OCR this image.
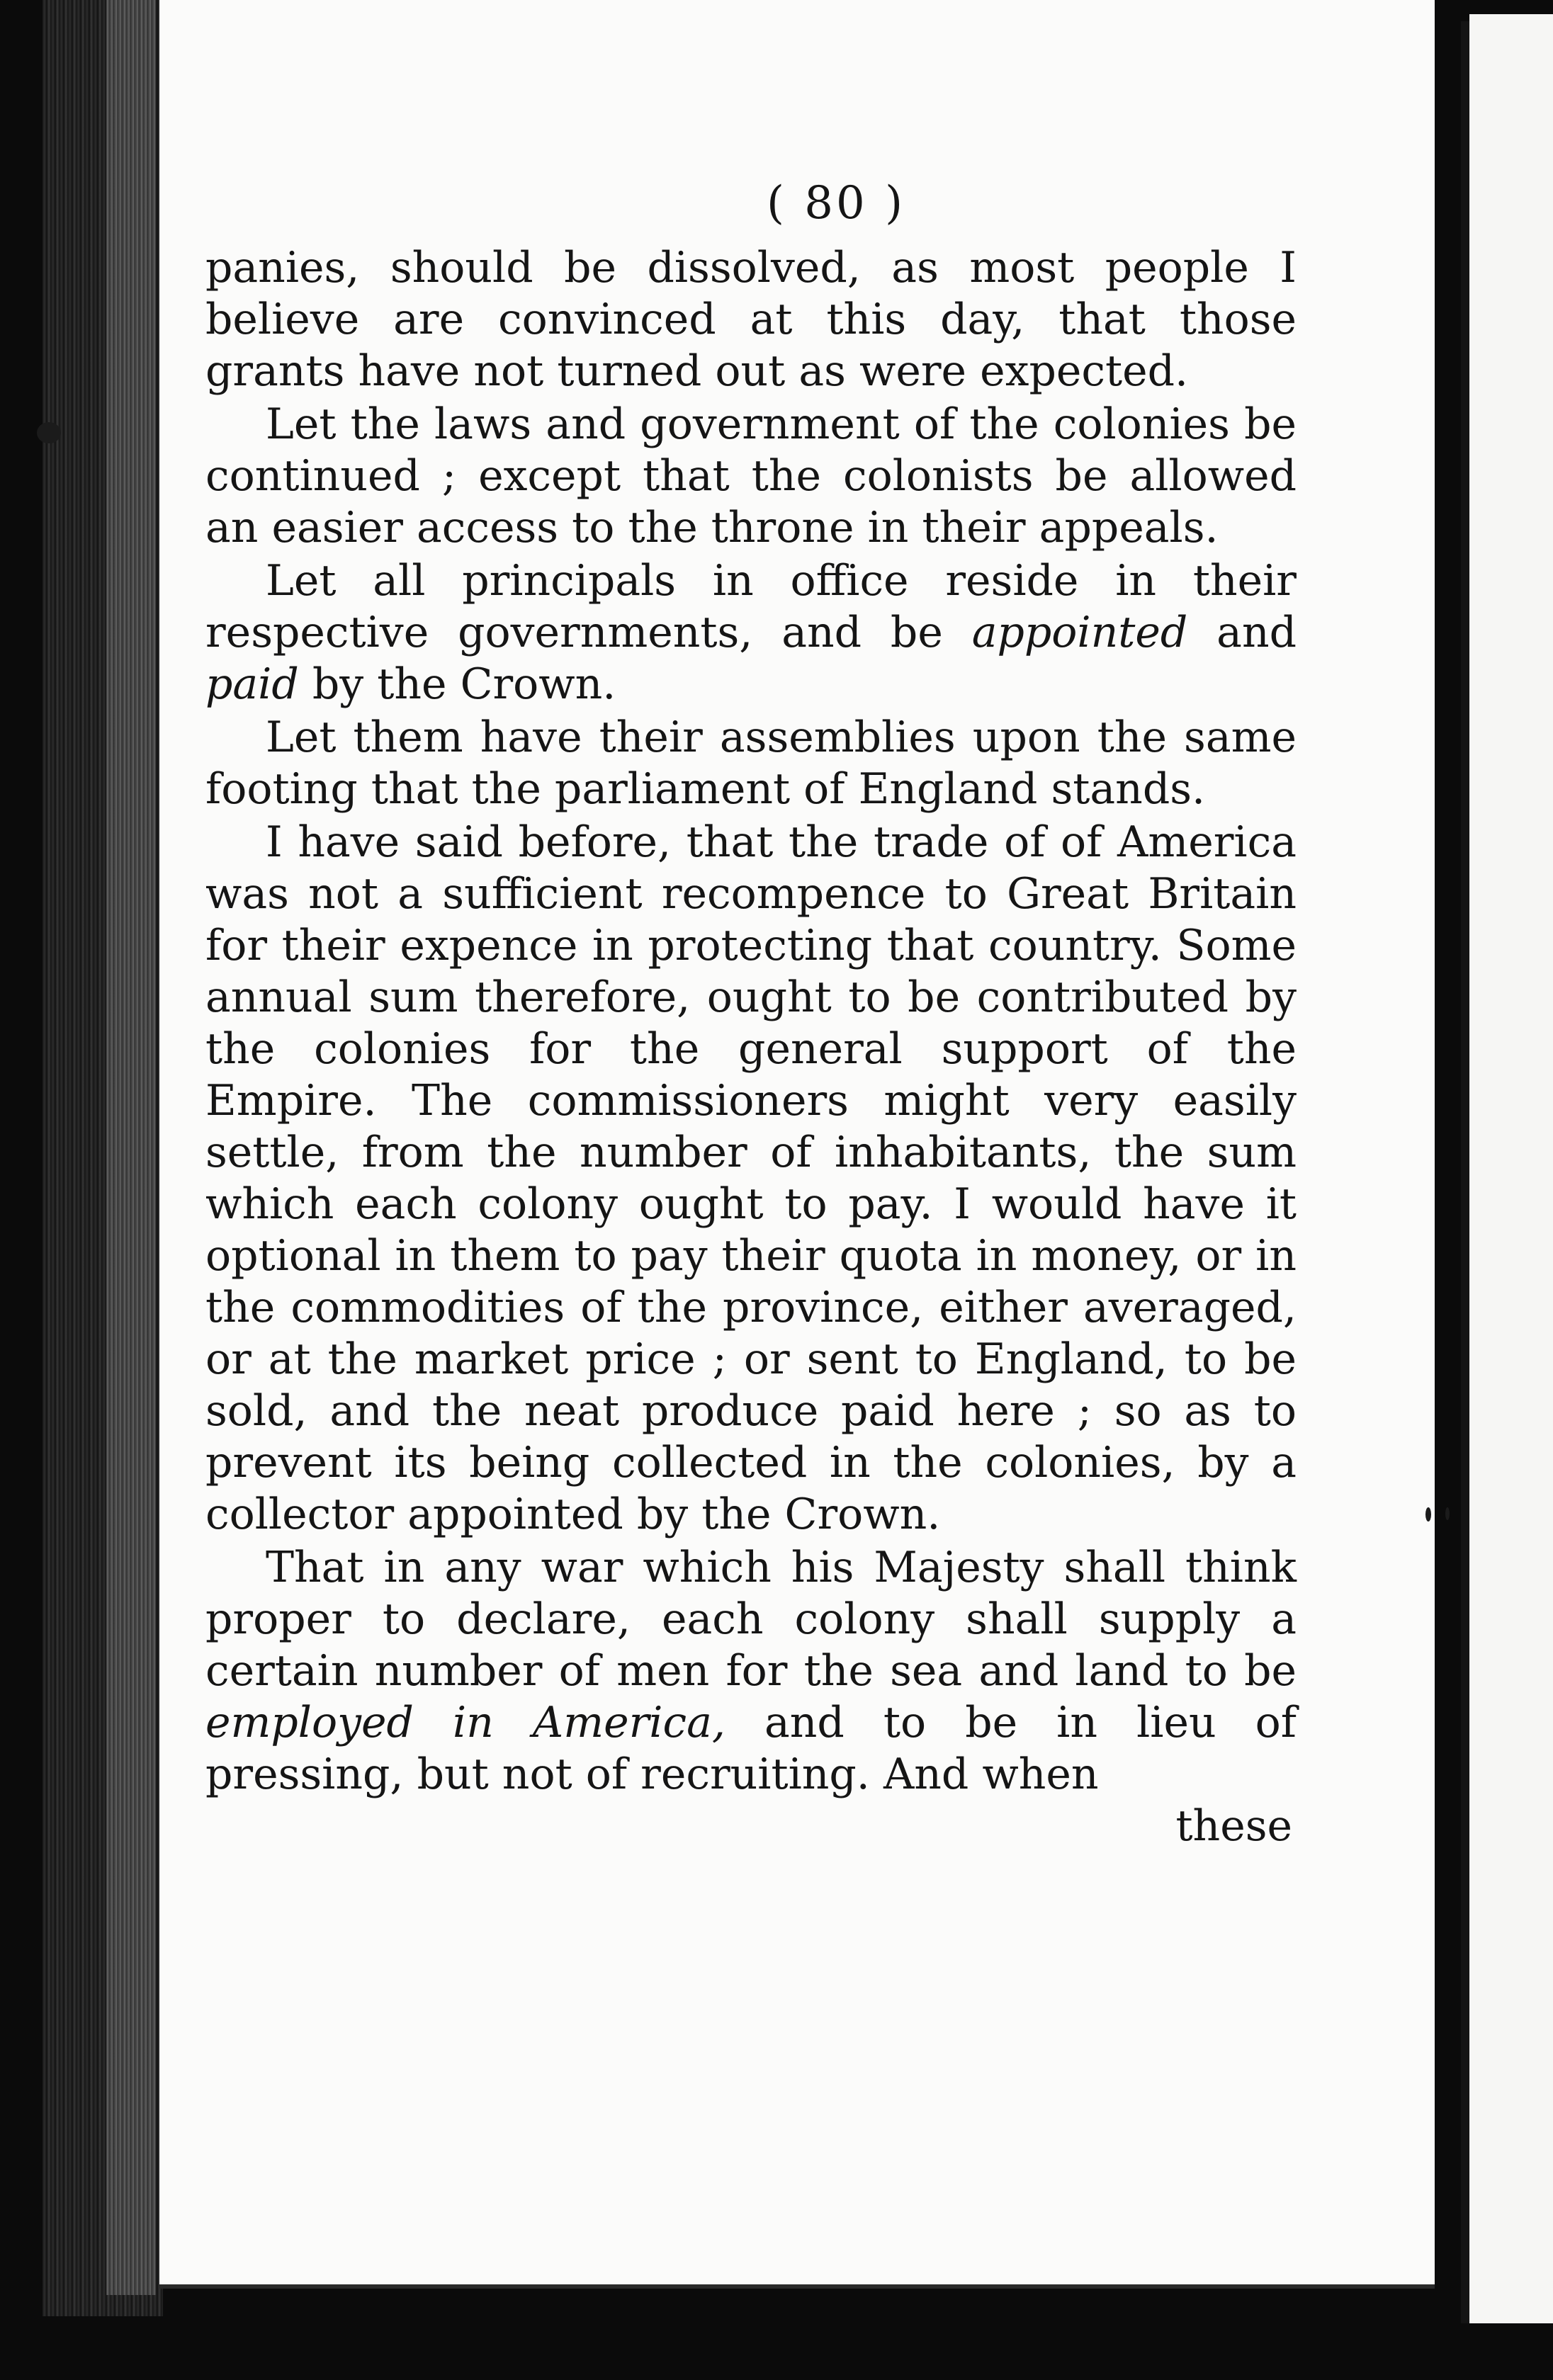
( 80 )

panies, should be dissolved, as most people I believe are convinced at this day, that those grants have not turned out as were expected.

Let the laws and government of the colonies be continued ; except that the colonists be allowed an easier access to the throne in their appeals.

Let all principals in office reside in their respective governments, and be appointed and paid by the Crown.

Let them have their assemblies upon the same footing that the parliament of England stands.

I have said before, that the trade of of America was not a sufficient recompence to Great Britain for their expence in protecting that country. Some annual sum therefore, ought to be contributed by the colonies for the general support of the Empire. The commissioners might very easily settle, from the number of inhabitants, the sum which each colony ought to pay. I would have it optional in them to pay their quota in money, or in the commodities of the province, either averaged, or at the market price ; or sent to England, to be sold, and the neat produce paid here ; so as to prevent its being collected in the colonies, by a collector appointed by the Crown.

That in any war which his Majesty shall think proper to declare, each colony shall supply a certain number of men for the sea and land to be employed in America, and to be in lieu of pressing, but not of recruiting. And when

these
